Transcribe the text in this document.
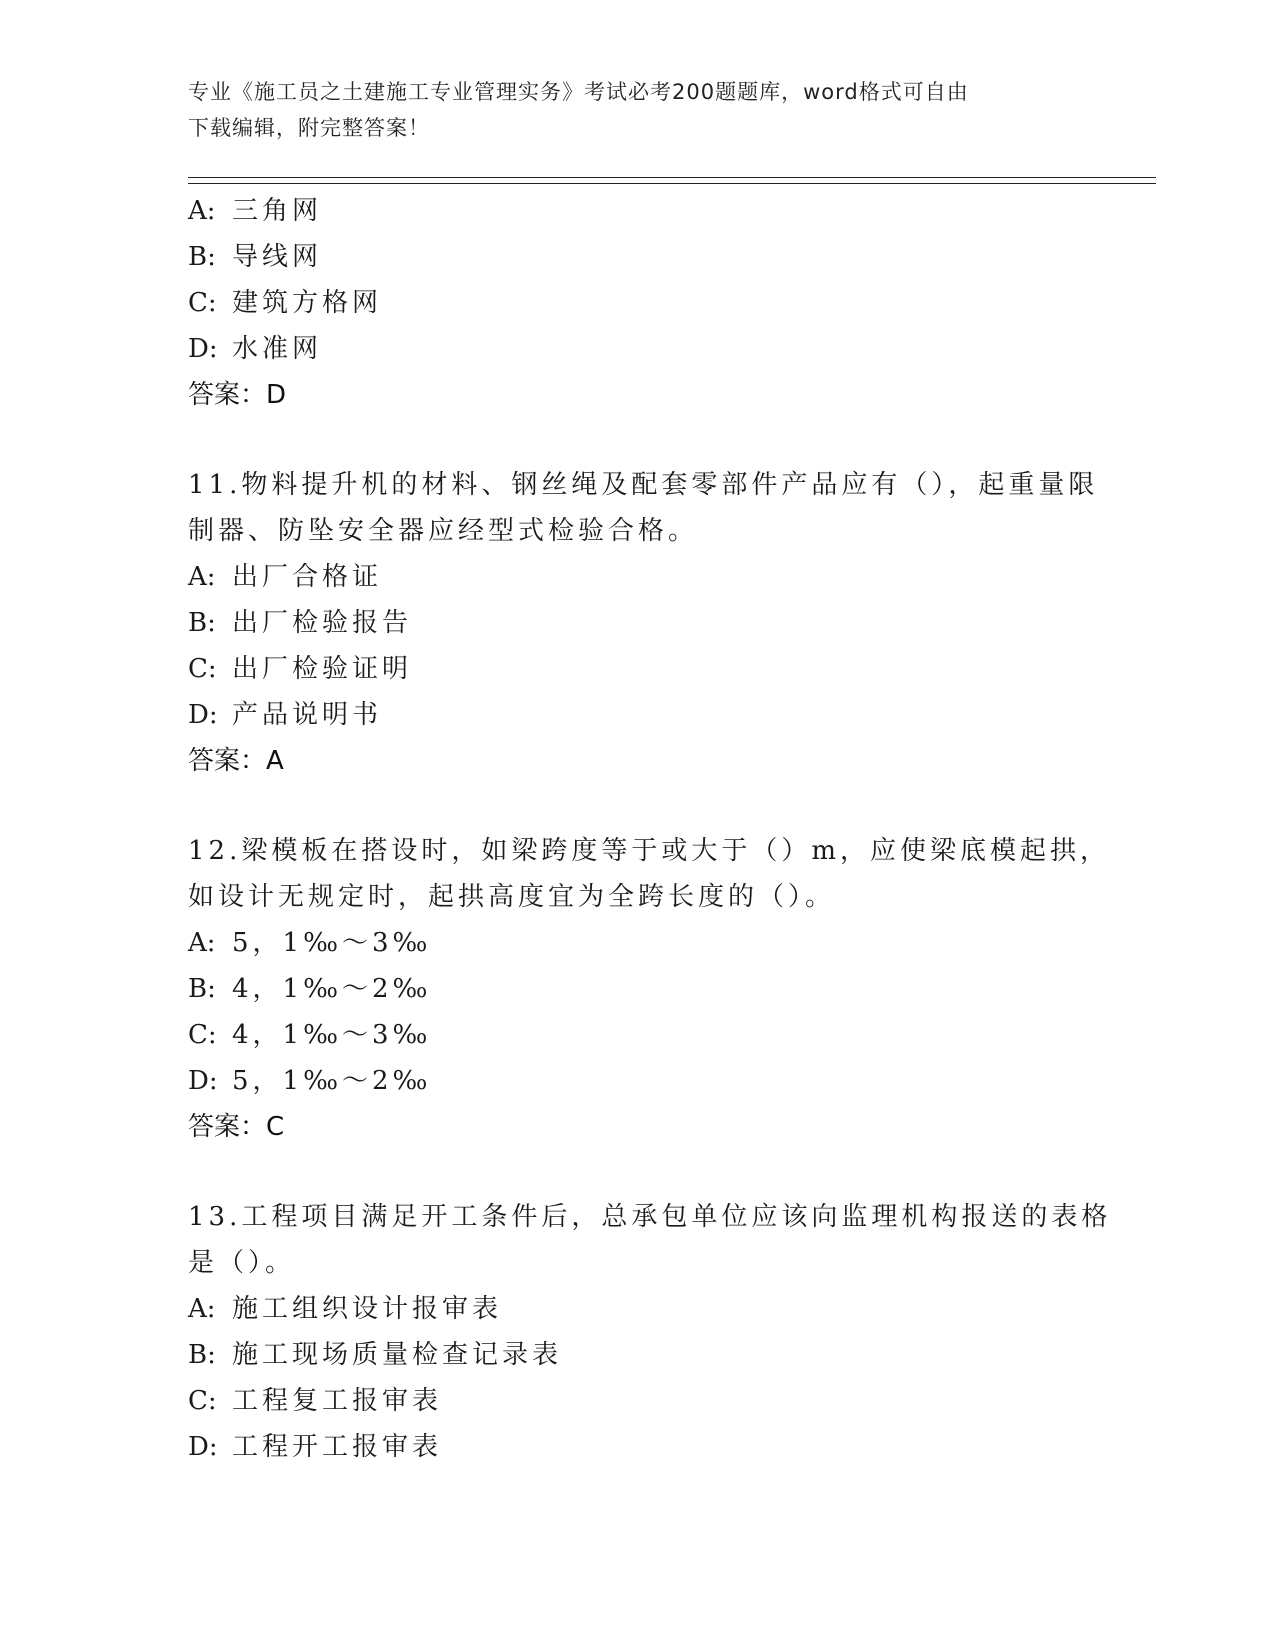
专业《施工员之土建施工专业管理实务》考试必考200题题库，word格式可自由
下载编辑，附完整答案！
A: 三角网
B: 导线网
C: 建筑方格网
D: 水准网
答案：D
11.物料提升机的材料、钢丝绳及配套零部件产品应有（），起重量限
制器、防坠安全器应经型式检验合格。
A: 出厂合格证
B: 出厂检验报告
C: 出厂检验证明
D: 产品说明书
答案：A
12.梁模板在搭设时，如梁跨度等于或大于（）m，应使梁底模起拱，
如设计无规定时，起拱高度宜为全跨长度的（）。
A: 5，1‰～3‰
B: 4，1‰～2‰
C: 4，1‰～3‰
D: 5，1‰～2‰
答案：C
13.工程项目满足开工条件后，总承包单位应该向监理机构报送的表格
是（）。
A: 施工组织设计报审表
B: 施工现场质量检查记录表
C: 工程复工报审表
D: 工程开工报审表
